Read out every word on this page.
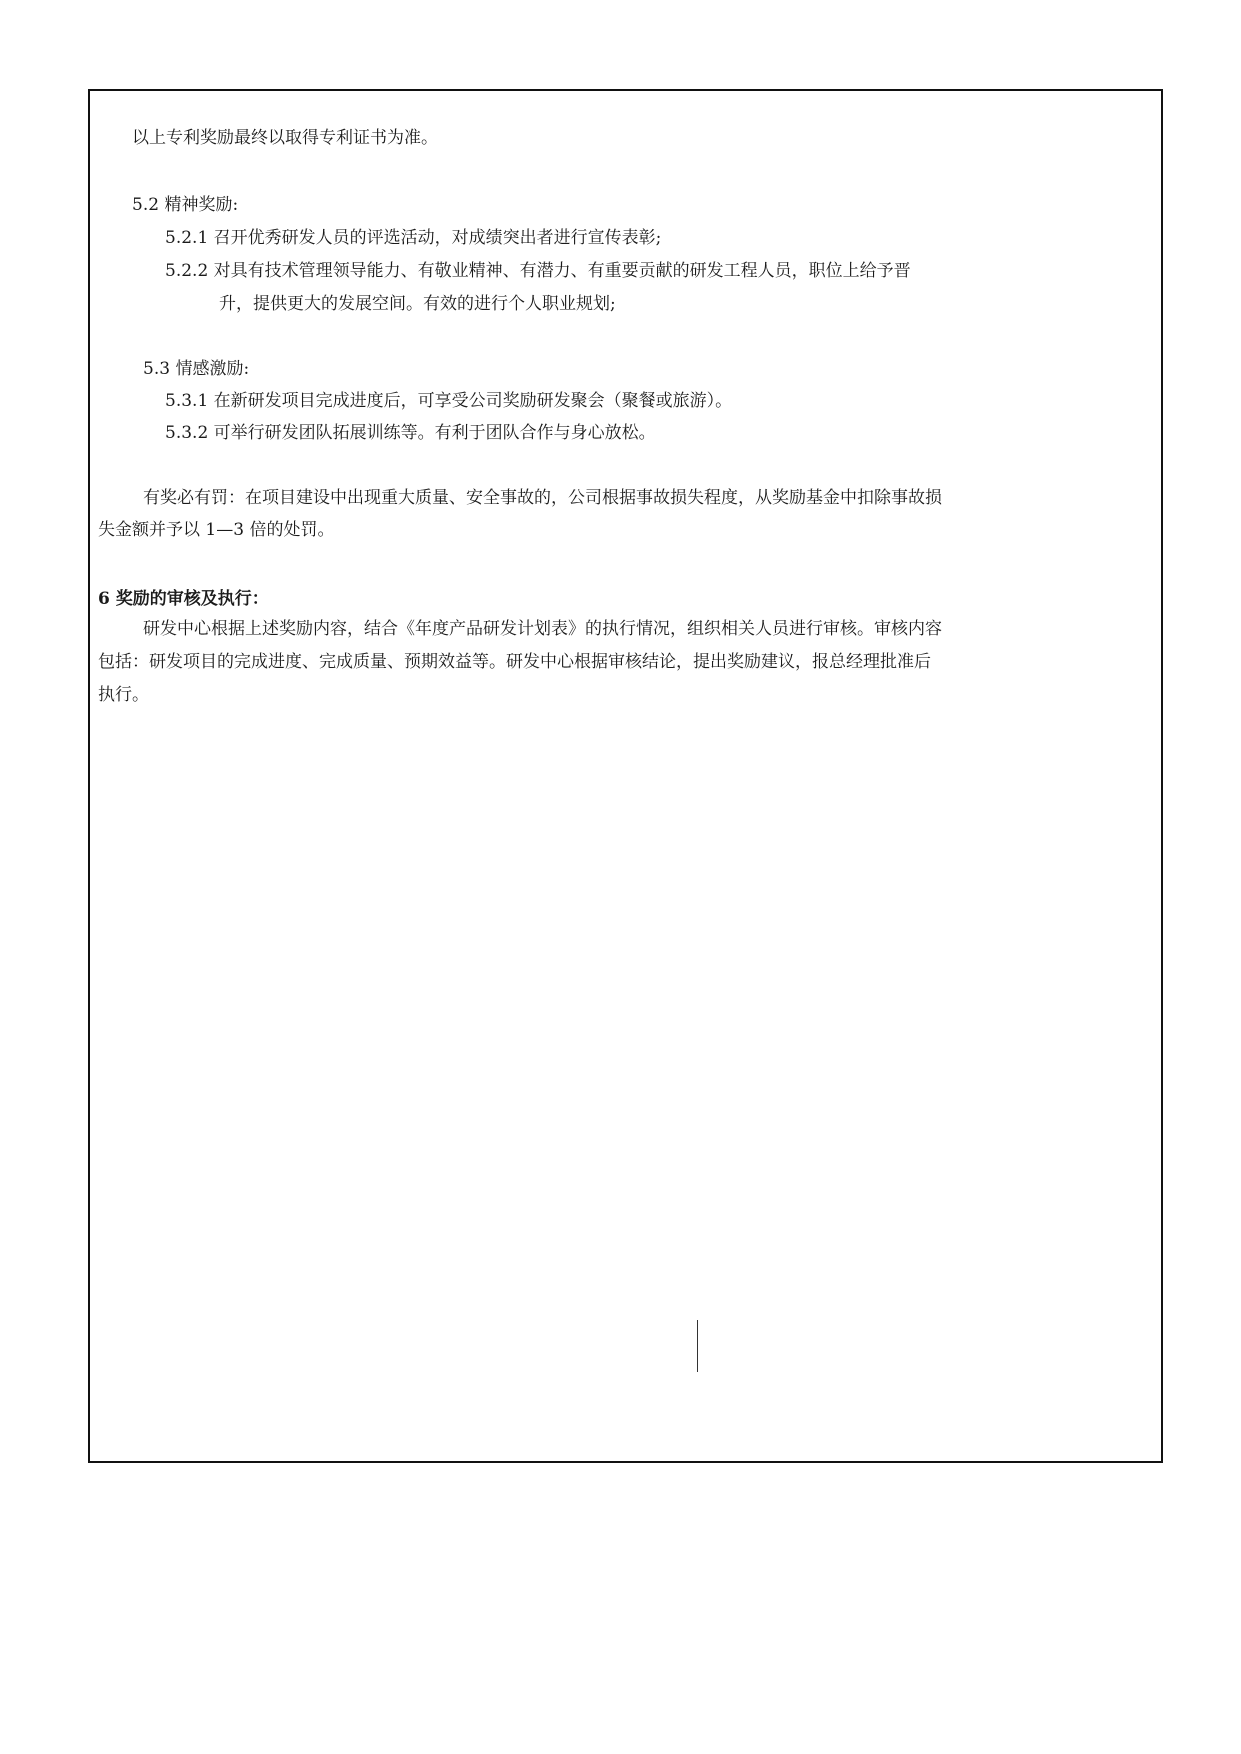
以上专利奖励最终以取得专利证书为准。
5.2 精神奖励:
5.2.1 召开优秀研发人员的评选活动，对成绩突出者进行宣传表彰;
5.2.2 对具有技术管理领导能力、有敬业精神、有潜力、有重要贡献的研发工程人员，职位上给予晋
升，提供更大的发展空间。有效的进行个人职业规划;
5.3 情感激励:
5.3.1 在新研发项目完成进度后，可享受公司奖励研发聚会（聚餐或旅游）。
5.3.2 可举行研发团队拓展训练等。有利于团队合作与身心放松。
有奖必有罚：在项目建设中出现重大质量、安全事故的，公司根据事故损失程度，从奖励基金中扣除事故损
失金额并予以 1—3 倍的处罚。
6 奖励的审核及执行：
研发中心根据上述奖励内容，结合《年度产品研发计划表》的执行情况，组织相关人员进行审核。审核内容
包括：研发项目的完成进度、完成质量、预期效益等。研发中心根据审核结论，提出奖励建议，报总经理批准后
执行。
